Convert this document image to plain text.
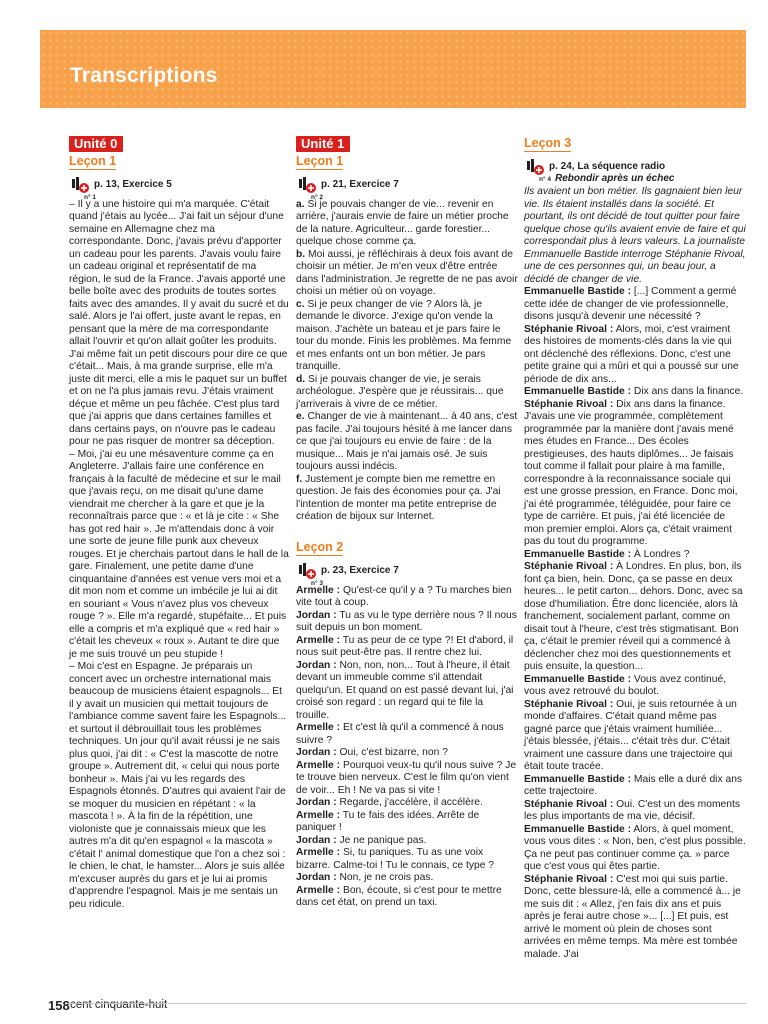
Transcriptions
Unité 0
Leçon 1
p. 13, Exercice 5
n° 1

– Il y a une histoire qui m'a marquée. C'était quand j'étais au lycée... J'ai fait un séjour d'une semaine en Allemagne chez ma correspondante. Donc, j'avais prévu d'apporter un cadeau pour les parents. J'avais voulu faire un cadeau original et représentatif de ma région, le sud de la France. J'avais apporté une belle boîte avec des produits de toutes sortes faits avec des amandes. Il y avait du sucré et du salé. Alors je l'ai offert, juste avant le repas, en pensant que la mère de ma correspondante allait l'ouvrir et qu'on allait goûter les produits. J'ai même fait un petit discours pour dire ce que c'était... Mais, à ma grande surprise, elle m'a juste dit merci, elle a mis le paquet sur un buffet et on ne l'a plus jamais revu. J'étais vraiment déçue et même un peu fâchée. C'est plus tard que j'ai appris que dans certaines familles et dans certains pays, on n'ouvre pas le cadeau pour ne pas risquer de montrer sa déception.

– Moi, j'ai eu une mésaventure comme ça en Angleterre. J'allais faire une conférence en français à la faculté de médecine et sur le mail que j'avais reçu, on me disait qu'une dame viendrait me chercher à la gare et que je la reconnaîtrais parce que : « et là je cite : « She has got red hair ». Je m'attendais donc à voir une sorte de jeune fille punk aux cheveux rouges. Et je cherchais partout dans le hall de la gare. Finalement, une petite dame d'une cinquantaine d'années est venue vers moi et a dit mon nom et comme un imbécile je lui ai dit en souriant « Vous n'avez plus vos cheveux rouge ? ». Elle m'a regardé, stupéfaite... Et puis elle a compris et m'a expliqué que « red hair » c'était les cheveux « roux ». Autant te dire que je me suis trouvé un peu stupide !

– Moi c'est en Espagne. Je préparais un concert avec un orchestre international mais beaucoup de musiciens étaient espagnols... Et il y avait un musicien qui mettait toujours de l'ambiance comme savent faire les Espagnols... et surtout il débrouillait tous les problèmes techniques. Un jour qu'il avait réussi je ne sais plus quoi, j'ai dit : « C'est la mascotte de notre groupe ». Autrement dit, « celui qui nous porte bonheur ». Mais j'ai vu les regards des Espagnols étonnés. D'autres qui avaient l'air de se moquer du musicien en répétant : « la mascota ! ». À la fin de la répétition, une violoniste que je connaissais mieux que les autres m'a dit qu'en espagnol « la mascota » c'était l' animal domestique que l'on a chez soi : le chien, le chat, le hamster... Alors je suis allée m'excuser auprès du gars et je lui ai promis d'apprendre l'espagnol. Mais je me sentais un peu ridicule.

Unité 1
Leçon 1
p. 21, Exercice 7
n° 2

a. Si je pouvais changer de vie... revenir en arrière, j'aurais envie de faire un métier proche de la nature. Agriculteur... garde forestier... quelque chose comme ça.

b. Moi aussi, je réfléchirais à deux fois avant de choisir un métier. Je m'en veux d'être entrée dans l'administration. Je regrette de ne pas avoir choisi un métier où on voyage.

c. Si je peux changer de vie ? Alors là, je demande le divorce. J'exige qu'on vende la maison. J'achète un bateau et je pars faire le tour du monde. Finis les problèmes. Ma femme et mes enfants ont un bon métier. Je pars tranquille.

d. Si je pouvais changer de vie, je serais archéologue. J'espère que je réussirais... que j'arriverais à vivre de ce métier.

e. Changer de vie à maintenant... à 40 ans, c'est pas facile. J'ai toujours hésité à me lancer dans ce que j'ai toujours eu envie de faire : de la musique... Mais je n'ai jamais osé. Je suis toujours aussi indécis.

f. Justement je compte bien me remettre en question. Je fais des économies pour ça. J'ai l'intention de monter ma petite entreprise de création de bijoux sur Internet.

Leçon 2
p. 23, Exercice 7
n° 3

Armelle : Qu'est-ce qu'il y a ? Tu marches bien vite tout à coup.

Jordan : Tu as vu le type derrière nous ? Il nous suit depuis un bon moment.

Armelle : Tu as peur de ce type ?! Et d'abord, il nous suit peut-être pas. Il rentre chez lui.

Jordan : Non, non, non... Tout à l'heure, il était devant un immeuble comme s'il attendait quelqu'un. Et quand on est passé devant lui, j'ai croisé son regard : un regard qui te file la trouille.

Armelle : Et c'est là qu'il a commencé à nous suivre ?

Jordan : Oui, c'est bizarre, non ?

Armelle : Pourquoi veux-tu qu'il nous suive ? Je te trouve bien nerveux. C'est le film qu'on vient de voir... Eh ! Ne va pas si vite !

Jordan : Regarde, j'accélère, il accélère.

Armelle : Tu te fais des idées. Arrête de paniquer !

Jordan : Je ne panique pas.

Armelle : Si, tu paniques. Tu as une voix bizarre. Calme-toi ! Tu le connais, ce type ?

Jordan : Non, je ne crois pas.

Armelle : Bon, écoute, si c'est pour te mettre dans cet état, on prend un taxi.

Leçon 3
p. 24, La séquence radio
n° 4 Rebondir après un échec

Ils avaient un bon métier. Ils gagnaient bien leur vie. Ils étaient installés dans la société. Et pourtant, ils ont décidé de tout quitter pour faire quelque chose qu'ils avaient envie de faire et qui correspondait plus à leurs valeurs. La journaliste Emmanuelle Bastide interroge Stéphanie Rivoal, une de ces personnes qui, un beau jour, a décidé de changer de vie.

Emmanuelle Bastide : [...] Comment a germé cette idée de changer de vie professionnelle, disons jusqu'à devenir une nécessité ?

Stéphanie Rivoal : Alors, moi, c'est vraiment des histoires de moments-clés dans la vie qui ont déclenché des réflexions. Donc, c'est une petite graine qui a mûri et qui a poussé sur une période de dix ans...

Emmanuelle Bastide : Dix ans dans la finance.

Stéphanie Rivoal : Dix ans dans la finance. J'avais une vie programmée, complètement programmée par la manière dont j'avais mené mes études en France... Des écoles prestigieuses, des hauts diplômes... Je faisais tout comme il fallait pour plaire à ma famille, correspondre à la reconnaissance sociale qui est une grosse pression, en France. Donc moi, j'ai été programmée, téléguidée, pour faire ce type de carrière. Et puis, j'ai été licenciée de mon premier emploi. Alors ça, c'était vraiment pas du tout du programme.

Emmanuelle Bastide : À Londres ?

Stéphanie Rivoal : À Londres. En plus, bon, ils font ça bien, hein. Donc, ça se passe en deux heures... le petit carton... dehors. Donc, avec sa dose d'humiliation. Être donc licenciée, alors là franchement, socialement parlant, comme on disait tout à l'heure, c'est très stigmatisant. Bon ça, c'était le premier réveil qui a commencé à déclencher chez moi des questionnements et puis ensuite, la question...

Emmanuelle Bastide : Vous avez continué, vous avez retrouvé du boulot.

Stéphanie Rivoal : Oui, je suis retournée à un monde d'affaires. C'était quand même pas gagné parce que j'étais vraiment humiliée... j'étais blessée, j'étais... c'était très dur. C'était vraiment une cassure dans une trajectoire qui était toute tracée.

Emmanuelle Bastide : Mais elle a duré dix ans cette trajectoire.

Stéphanie Rivoal : Oui. C'est un des moments les plus importants de ma vie, décisif.

Emmanuelle Bastide : Alors, à quel moment, vous vous dites : « Non, ben, c'est plus possible. Ça ne peut pas continuer comme ça. » parce que c'est vous qui êtes partie.

Stéphanie Rivoal : C'est moi qui suis partie. Donc, cette blessure-là, elle a commencé à... je me suis dit : « Allez, j'en fais dix ans et puis après je ferai autre chose »... [...] Et puis, est arrivé le moment où plein de choses sont arrivées en même temps. Ma mère est tombée malade. J'ai

158 cent cinquante-huit
